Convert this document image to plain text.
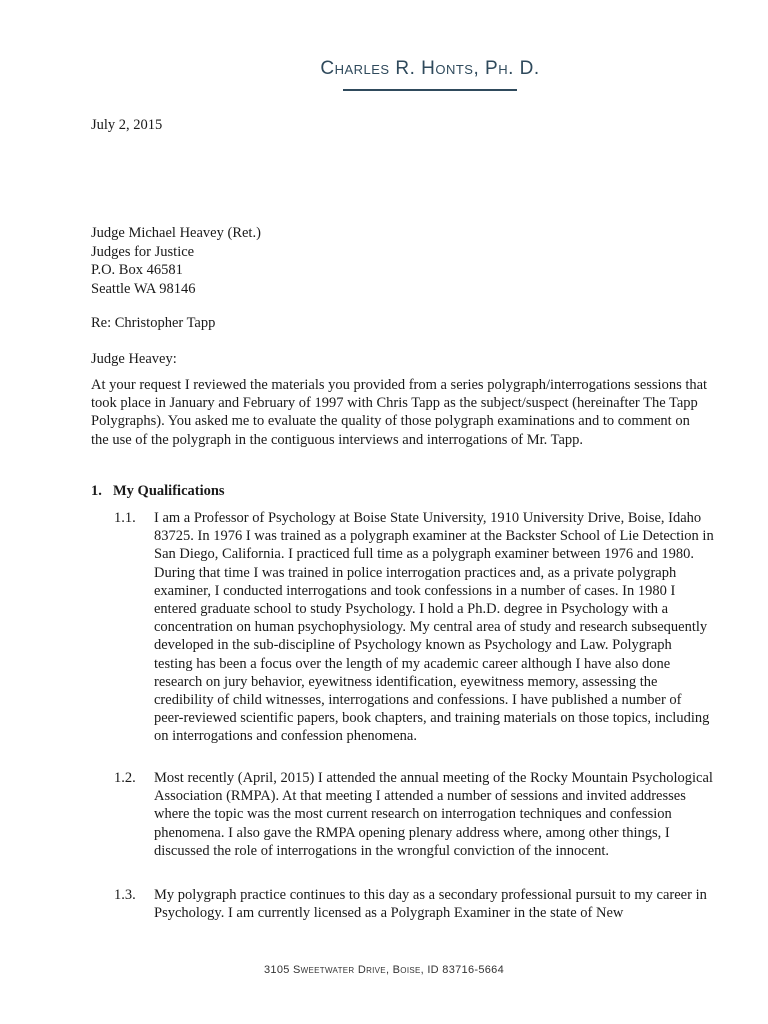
Charles R. Honts, Ph. D.
July 2, 2015
Judge Michael Heavey (Ret.)
Judges for Justice
P.O. Box 46581
Seattle WA 98146
Re: Christopher Tapp
Judge Heavey:
At your request I reviewed the materials you provided from a series polygraph/interrogations sessions that took place in January and February of 1997 with Chris Tapp as the subject/suspect (hereinafter The Tapp Polygraphs). You asked me to evaluate the quality of those polygraph examinations and to comment on the use of the polygraph in the contiguous interviews and interrogations of Mr. Tapp.
1. My Qualifications
1.1. I am a Professor of Psychology at Boise State University, 1910 University Drive, Boise, Idaho 83725. In 1976 I was trained as a polygraph examiner at the Backster School of Lie Detection in San Diego, California. I practiced full time as a polygraph examiner between 1976 and 1980. During that time I was trained in police interrogation practices and, as a private polygraph examiner, I conducted interrogations and took confessions in a number of cases. In 1980 I entered graduate school to study Psychology. I hold a Ph.D. degree in Psychology with a concentration on human psychophysiology. My central area of study and research subsequently developed in the sub-discipline of Psychology known as Psychology and Law. Polygraph testing has been a focus over the length of my academic career although I have also done research on jury behavior, eyewitness identification, eyewitness memory, assessing the credibility of child witnesses, interrogations and confessions. I have published a number of peer-reviewed scientific papers, book chapters, and training materials on those topics, including on interrogations and confession phenomena.
1.2. Most recently (April, 2015) I attended the annual meeting of the Rocky Mountain Psychological Association (RMPA). At that meeting I attended a number of sessions and invited addresses where the topic was the most current research on interrogation techniques and confession phenomena. I also gave the RMPA opening plenary address where, among other things, I discussed the role of interrogations in the wrongful conviction of the innocent.
1.3. My polygraph practice continues to this day as a secondary professional pursuit to my career in Psychology. I am currently licensed as a Polygraph Examiner in the state of New
3105 Sweetwater Drive, Boise, ID 83716-5664
